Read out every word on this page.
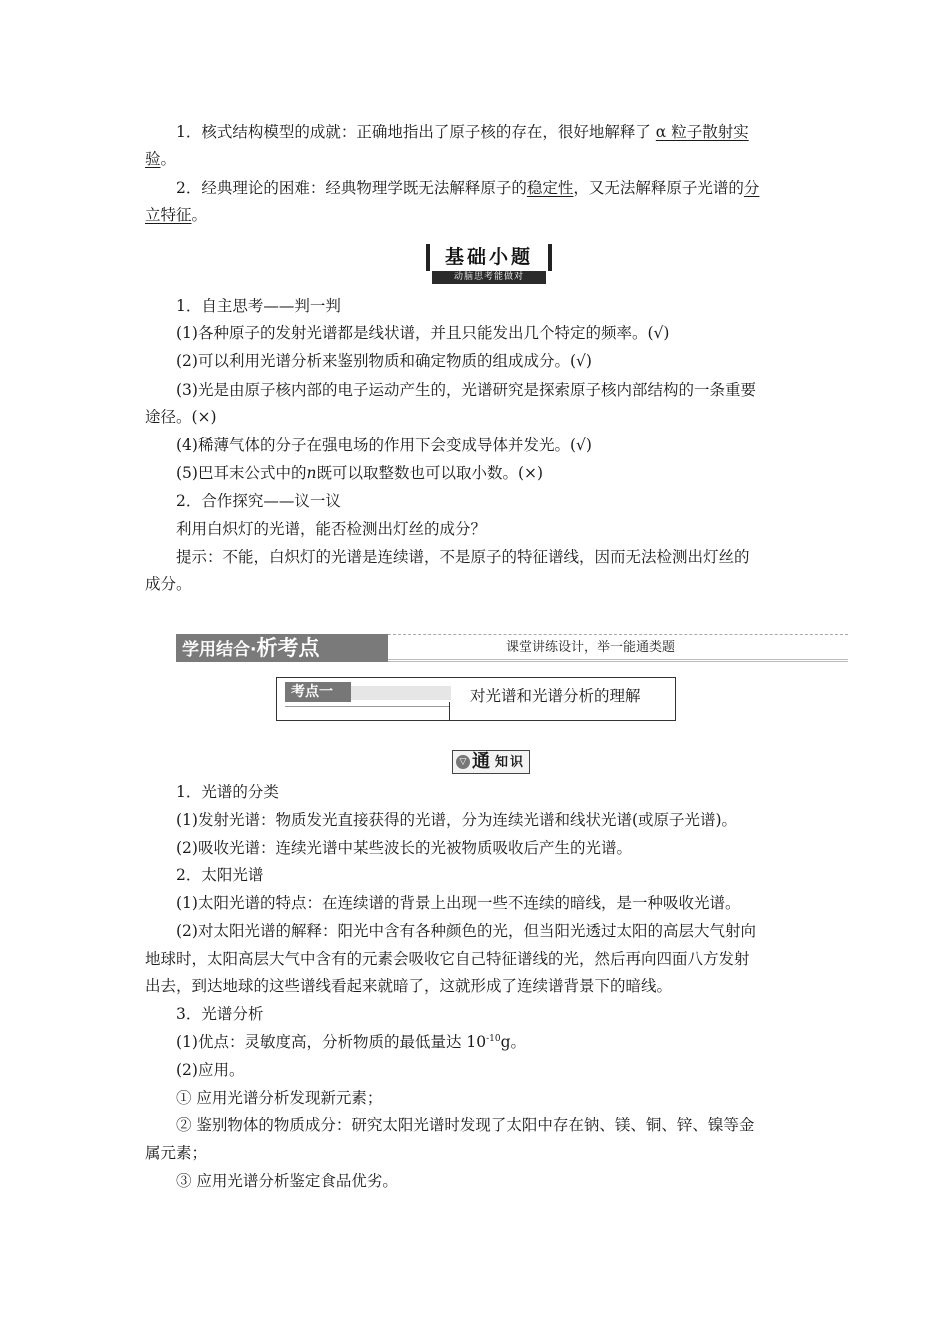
1．核式结构模型的成就：正确地指出了原子核的存在，很好地解释了 α 粒子散射实

验。

2．经典理论的困难：经典物理学既无法解释原子的稳定性，又无法解释原子光谱的分

立特征。

基础小题
动脑思考能做对

1．自主思考——判一判

(1)各种原子的发射光谱都是线状谱，并且只能发出几个特定的频率。(√)

(2)可以利用光谱分析来鉴别物质和确定物质的组成成分。(√)

(3)光是由原子核内部的电子运动产生的，光谱研究是探索原子核内部结构的一条重要

途径。(×)

(4)稀薄气体的分子在强电场的作用下会变成导体并发光。(√)

(5)巴耳末公式中的n既可以取整数也可以取小数。(×)

2．合作探究——议一议

利用白炽灯的光谱，能否检测出灯丝的成分？

提示：不能，白炽灯的光谱是连续谱，不是原子的特征谱线，因而无法检测出灯丝的

成分。

学用结合·析考点	课堂讲练设计，举一能通类题
考点一	对光谱和光谱分析的理解
▽ 通 知识

1．光谱的分类

(1)发射光谱：物质发光直接获得的光谱，分为连续光谱和线状光谱(或原子光谱)。

(2)吸收光谱：连续光谱中某些波长的光被物质吸收后产生的光谱。

2．太阳光谱

(1)太阳光谱的特点：在连续谱的背景上出现一些不连续的暗线，是一种吸收光谱。

(2)对太阳光谱的解释：阳光中含有各种颜色的光，但当阳光透过太阳的高层大气射向

地球时，太阳高层大气中含有的元素会吸收它自己特征谱线的光，然后再向四面八方发射

出去，到达地球的这些谱线看起来就暗了，这就形成了连续谱背景下的暗线。

3．光谱分析

(1)优点：灵敏度高，分析物质的最低量达 $10^{-10}g$。

(2)应用。

① 应用光谱分析发现新元素；

② 鉴别物体的物质成分：研究太阳光谱时发现了太阳中存在钠、镁、铜、锌、镍等金

属元素；

③ 应用光谱分析鉴定食品优劣。
